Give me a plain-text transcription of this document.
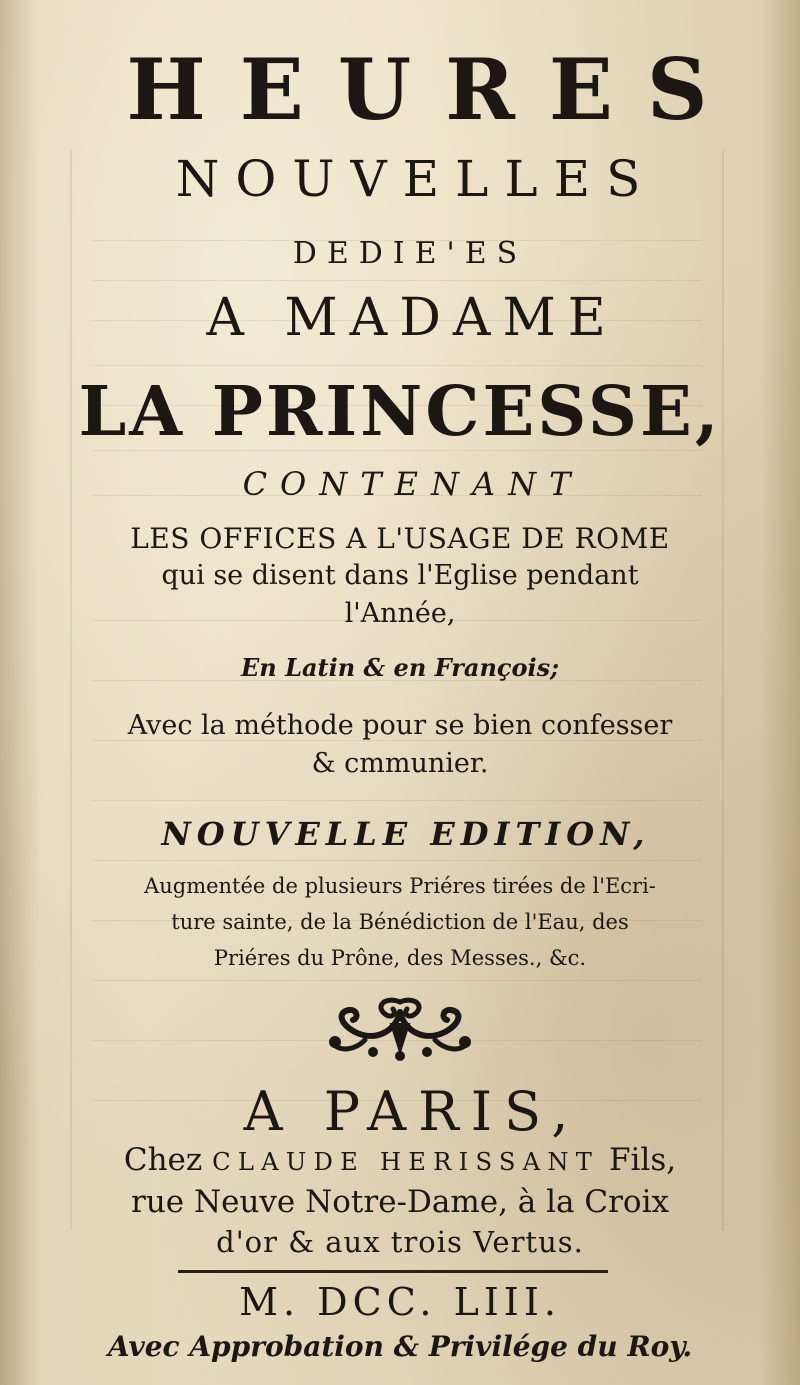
HEURES
NOUVELLES
DEDIE'ES
A MADAME
LA PRINCESSE,
CONTENANT
LES OFFICES A L'USAGE DE ROME
qui se disent dans l'Eglise pendant
l'Année,
En Latin & en François;
Avec la méthode pour se bien confesser
& cmmunier.
NOUVELLE EDITION,
Augmentée de plusieurs Priéres tirées de l'Ecri-
ture sainte, de la Bénédiction de l'Eau, des
Priéres du Prône, des Messes., &c.
A PARIS,
Chez CLAUDE HERISSANT Fils,
rue Neuve Notre-Dame, à la Croix
d'or & aux trois Vertus.
M. DCC. LIII.
Avec Approbation & Privilége du Roy.
